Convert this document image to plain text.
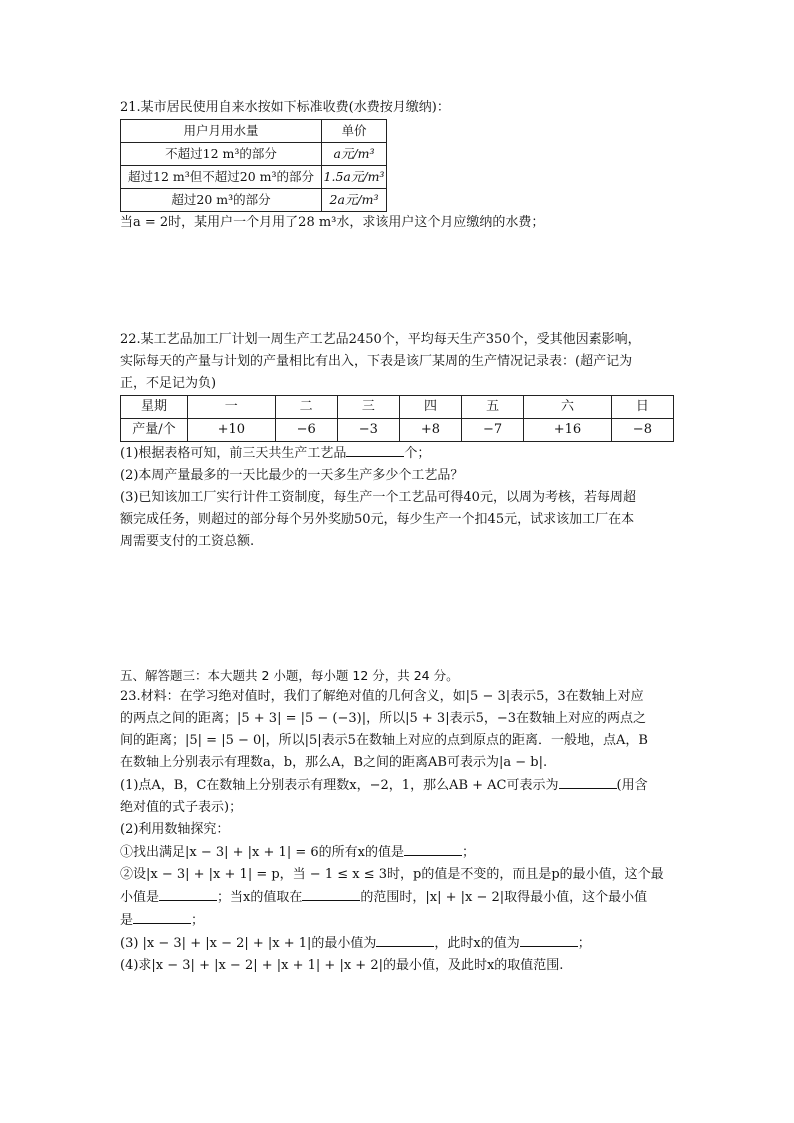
21.某市居民使用自来水按如下标准收费(水费按月缴纳)：
用户月用水量	单价
不超过12 m³的部分	a元/m³
超过12 m³但不超过20 m³的部分	1.5a元/m³
超过20 m³的部分	2a元/m³
当a = 2时，某用户一个月用了28 m³水，求该用户这个月应缴纳的水费；
22.某工艺品加工厂计划一周生产工艺品2450个，平均每天生产350个，受其他因素影响，
实际每天的产量与计划的产量相比有出入，下表是该厂某周的生产情况记录表：(超产记为
正，不足记为负)
星期	一	二	三	四	五	六	日
产量/个	+10	−6	−3	+8	−7	+16	−8
(1)根据表格可知，前三天共生产工艺品	个；
(2)本周产量最多的一天比最少的一天多生产多少个工艺品？
(3)已知该加工厂实行计件工资制度，每生产一个工艺品可得40元，以周为考核，若每周超
额完成任务，则超过的部分每个另外奖励50元，每少生产一个扣45元，试求该加工厂在本
周需要支付的工资总额.
五、解答题三：本大题共 2 小题，每小题 12 分，共 24 分。
23.材料：在学习绝对值时，我们了解绝对值的几何含义，如|5 − 3|表示5，3在数轴上对应
的两点之间的距离；|5 + 3| = |5 − (−3)|，所以|5 + 3|表示5，−3在数轴上对应的两点之
间的距离；|5| = |5 − 0|，所以|5|表示5在数轴上对应的点到原点的距离．一般地，点A，B
在数轴上分别表示有理数a，b，那么A，B之间的距离AB可表示为|a − b|.
(1)点A，B，C在数轴上分别表示有理数x，−2，1，那么AB + AC可表示为	(用含
绝对值的式子表示)；
(2)利用数轴探究：
①找出满足|x − 3| + |x + 1| = 6的所有x的值是	；
②设|x − 3| + |x + 1| = p，当 − 1 ≤ x ≤ 3时，p的值是不变的，而且是p的最小值，这个最
小值是	；当x的值取在	的范围时，|x| + |x − 2|取得最小值，这个最小值
是	；
(3) |x − 3| + |x − 2| + |x + 1|的最小值为	，此时x的值为	；
(4)求|x − 3| + |x − 2| + |x + 1| + |x + 2|的最小值，及此时x的取值范围.
